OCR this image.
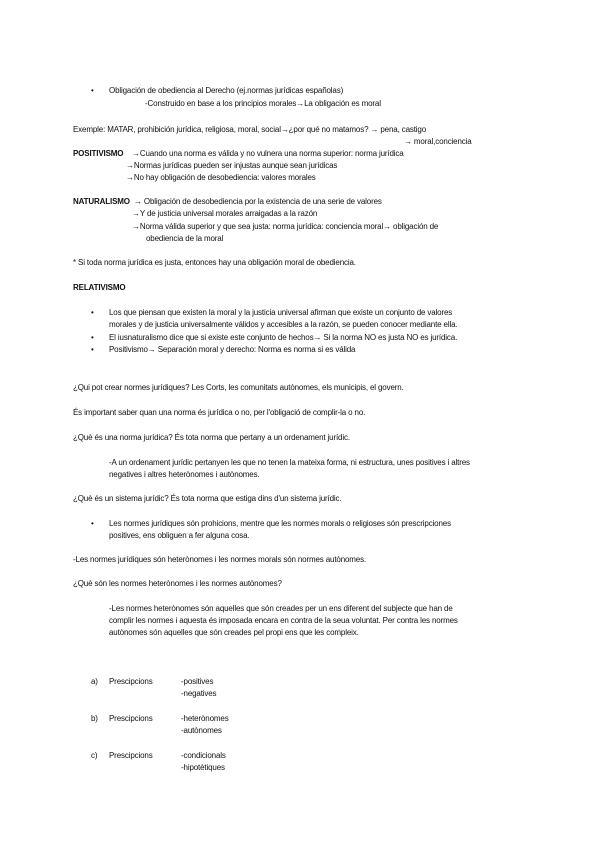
• Obligación de obediencia al Derecho (ej.normas jurídicas españolas)
-Construido en base a los principios morales→La obligación es moral
Exemple: MATAR, prohibición jurídica, religiosa, moral, social→¿por qué no matamos? → pena, castigo
→ moral,conciencia
POSITIVISMO →Cuando una norma es válida y no vulnera una norma superior: norma jurídica
→Normas jurídicas pueden ser injustas aunque sean jurídicas
→No hay obligación de desobediencia: valores morales
NATURALISMO → Obligación de desobediencia por la existencia de una serie de valores
→Y de justicia universal morales arraigadas a la razón
→Norma válida superior y que sea justa: norma jurídica: conciencia moral→ obligación de
obediencia de la moral
* Si toda norma jurídica es justa, entonces hay una obligación moral de obediencia.
RELATIVISMO
• Los que piensan que existen la moral y la justicia universal afirman que existe un conjunto de valores
morales y de justicia universalmente válidos y accesibles a la razón, se pueden conocer mediante ella.
• El iusnaturalismo dice que si existe este conjunto de hechos→ Si la norma NO es justa NO es jurídica.
• Positivismo→ Separación moral y derecho: Norma es norma si es válida
¿Qui pot crear normes jurídiques? Les Corts, les comunitats autònomes, els municipis, el govern.
És important saber quan una norma és jurídica o no, per l'obligació de complir-la o no.
¿Què és una norma jurídica? És tota norma que pertany a un ordenament jurídic.
-A un ordenament jurídic pertanyen les que no tenen la mateixa forma, ni estructura, unes positives i altres
negatives i altres heterònomes i autònomes.
¿Què és un sistema jurídic? És tota norma que estiga dins d'un sistema jurídic.
• Les normes jurídiques són prohicions, mentre que les normes morals o religioses són prescripciones
positives, ens obliguen a fer alguna cosa.
-Les normes jurídiques són heterònomes i les normes morals són normes autònomes.
¿Què són les normes heterònomes i les normes autònomes?
-Les normes heterònomes són aquelles que són creades per un ens diferent del subjecte que han de
complir les normes i aquesta és imposada encara en contra de la seua voluntat. Per contra les normes
autònomes són aquelles que són creades pel propi ens que les compleix.
a) Prescipcions	-positives
-negatives
b) Prescipcions	-heterònomes
-autònomes
c) Prescipcions	-condicionals
-hipotètiques
